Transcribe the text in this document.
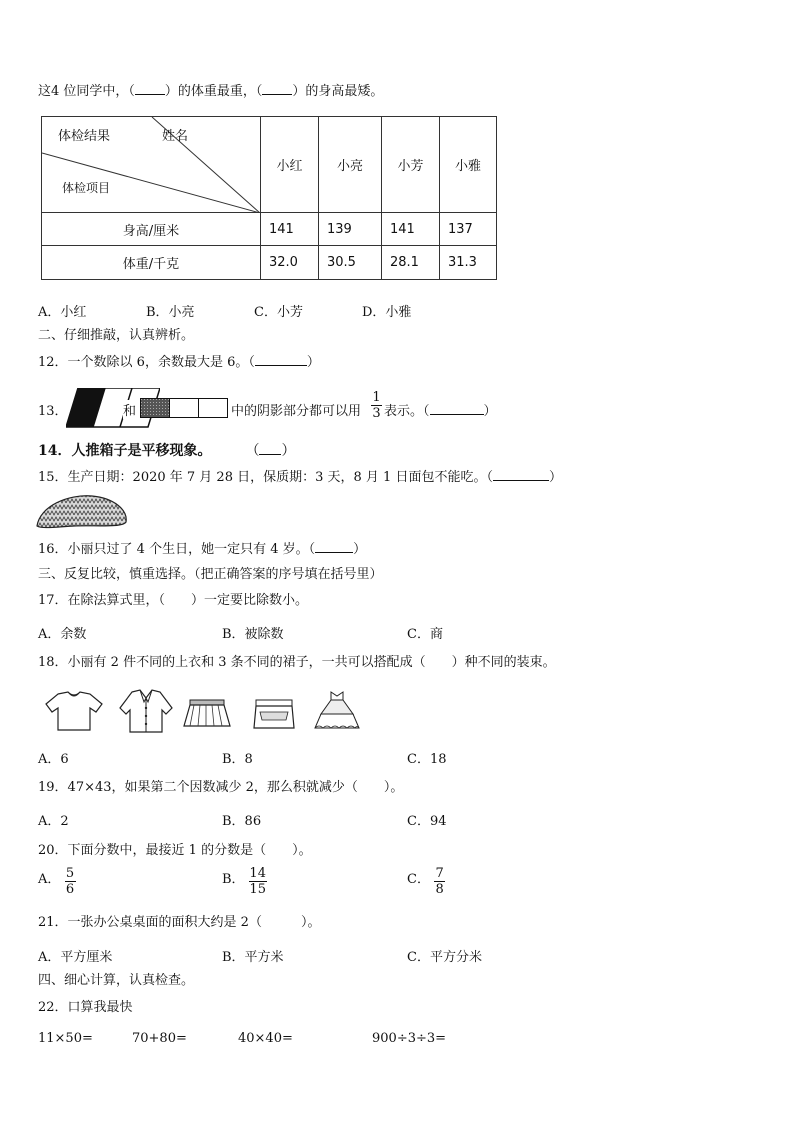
这4 位同学中，（ ）的体重最重，（ ）的身高最矮。
体检结果 姓名
体检项目	小红	小亮	小芳	小雅
身高/厘米	141	139	141	137
体重/千克	32.0	30.5	28.1	31.3
A．小红	B．小亮	C．小芳	D．小雅
二、仔细推敲，认真辨析。
12．一个数除以 6，余数最大是 6。（	）
13．	和	中的阴影部分都可以用
1
3 表示。（	）
14．人推箱子是平移现象。 （ ）
15．生产日期：2020 年 7 月 28 日，保质期：3 天，8 月 1 日面包不能吃。（	）
16．小丽只过了 4 个生日，她一定只有 4 岁。（	）
三、反复比较，慎重选择。（把正确答案的序号填在括号里）
17．在除法算式里，（　　）一定要比除数小。
A．余数	B．被除数	C．商
18．小丽有 2 件不同的上衣和 3 条不同的裙子，一共可以搭配成（　　）种不同的装束。
A．6	B．8	C．18
19．47×43，如果第二个因数减少 2，那么积就减少（　　）。
A．2	B．86	C．94
20．下面分数中，最接近 1 的分数是（　　）。
A． $\frac{5}{6}$	B． $\frac{14}{15}$	C． $\frac{7}{8}$
21．一张办公桌桌面的面积大约是 2（　　　）。
A．平方厘米	B．平方米	C．平方分米
四、细心计算，认真检查。
22．口算我最快
11×50=	70+80=	40×40=	900÷3÷3=
